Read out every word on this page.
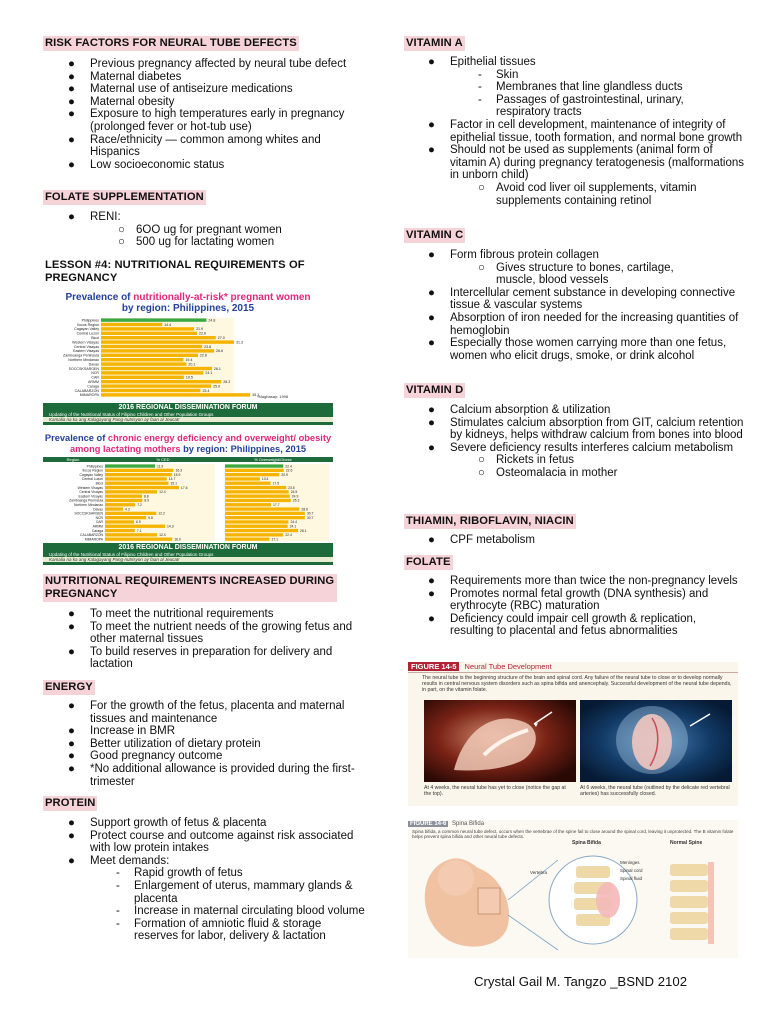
RISK FACTORS FOR NEURAL TUBE DEFECTS
● Previous pregnancy affected by neural tube defect
● Maternal diabetes
● Maternal use of antiseizure medications
● Maternal obesity
● Exposure to high temperatures early in pregnancy (prolonged fever or hot-tub use)
● Race/ethnicity — common among whites and Hispanics
● Low socioeconomic status
FOLATE SUPPLEMENTATION
● RENI:
○ 6OO ug for pregnant women
○ 500 ug for lactating women
LESSON #4: NUTRITIONAL REQUIREMENTS OF PREGNANCY
Prevalence of nutritionally-at-risk* pregnant women
by region: Philippines, 2015
Philippines	24.8
Ilocos Region	14.4
Cagayan Valley	21.9
Central Luzon	22.6
Bicol	27.0
Western Visayas	31.3
Central Visayas	23.8
Eastern Visayas	26.6
Zamboanga Peninsula	22.8
Northern Mindanao	19.4
Davao	20.1
SOCCSKSARGEN	26.1
NCR	24.1
CAR	19.5
ARMM	28.3
Caraga	25.9
CALABARZON	23.4
MIMAROPA	35.1
*Magbasay: 1998
2016 REGIONAL DISSEMINATION FORUM
Updating of the Nutritional Status of Filipino Children and Other Population Groups
Kamalia na ka ang Kalagayang Pang-nutrisyon ay faan al Jeucat!
Prevalence of chronic energy deficiency and overweight/ obesity among lactating mothers by region: Philippines, 2015
Region	% CED	% Overweight/Obese
Philippines	11.9	22.4
Ilocos Region	16.3	22.6
Cagayan Valley	15.9	20.9
Central Luzon	14.7	13.4
Bicol	15.1	17.5
Western Visayas	17.6	23.5
Central Visayas	12.4	24.5
Eastern Visayas	8.8	24.9
Zamboanga Peninsula	8.9	25.3
Northern Mindanao	7.2	17.7
Davao	4.3	28.6
SOCCSKSARGEN	12.2	30.7
NCR	9.8	30.7
CAR	6.9	24.4
ARMM	14.3	24.1
Caraga	7.1	28.1
CALABARZON	12.4	22.4
MIMAROPA	16.0	17.1
2016 REGIONAL DISSEMINATION FORUM
Updating of the Nutritional Status of Filipino Children and Other Population Groups
Kamalia na ka ang Kalagayang Pang-nutrisyon ay faan al Jeucat!
NUTRITIONAL REQUIREMENTS INCREASED DURING PREGNANCY
● To meet the nutritional requirements
● To meet the nutrient needs of the growing fetus and other maternal tissues
● To build reserves in preparation for delivery and lactation
ENERGY
● For the growth of the fetus, placenta and maternal tissues and maintenance
● Increase in BMR
● Better utilization of dietary protein
● Good pregnancy outcome
● *No additional allowance is provided during the first-trimester
PROTEIN
● Support growth of fetus & placenta
● Protect course and outcome against risk associated with low protein intakes
● Meet demands:
- Rapid growth of fetus
- Enlargement of uterus, mammary glands & placenta
- Increase in maternal circulating blood volume
- Formation of amniotic fluid & storage reserves for labor, delivery & lactation
VITAMIN A
● Epithelial tissues
- Skin
- Membranes that line glandless ducts
- Passages of gastrointestinal, urinary, respiratory tracts
● Factor in cell development, maintenance of integrity of epithelial tissue, tooth formation, and normal bone growth
● Should not be used as supplements (animal form of vitamin A) during pregnancy teratogenesis (malformations in unborn child)
○ Avoid cod liver oil supplements, vitamin supplements containing retinol
VITAMIN C
● Form fibrous protein collagen
○ Gives structure to bones, cartilage, muscle, blood vessels
● Intercellular cement substance in developing connective tissue & vascular systems
● Absorption of iron needed for the increasing quantities of hemoglobin
● Especially those women carrying more than one fetus, women who elicit drugs, smoke, or drink alcohol
VITAMIN D
● Calcium absorption & utilization
● Stimulates calcium absorption from GIT, calcium retention by kidneys, helps withdraw calcium from bones into blood
● Severe deficiency results interferes calcium metabolism
○ Rickets in fetus
○ Osteomalacia in mother
THIAMIN, RIBOFLAVIN, NIACIN
● CPF metabolism
FOLATE
● Requirements more than twice the non-pregnancy levels
● Promotes normal fetal growth (DNA synthesis) and erythrocyte (RBC) maturation
● Deficiency could impair cell growth & replication, resulting to placental and fetus abnormalities
FIGURE 14-5 Neural Tube Development
The neural tube is the beginning structure of the brain and spinal cord. Any failure of the neural tube to close or to develop normally results in central nervous system disorders such as spina bifida and anencephaly. Successful development of the neural tube depends, in part, on the vitamin folate.
At 4 weeks, the neural tube has yet to close (notice the gap at the top).
At 6 weeks, the neural tube (outlined by the delicate red vertebral arteries) has successfully closed.
FIGURE 14-6 Spina Bifida
Spina bifida, a common neural tube defect, occurs when the vertebrae of the spine fail to close around the spinal cord, leaving it unprotected. The B vitamin folate helps prevent spina bifida and other neural tube defects.
Spina Bifida	Normal Spine
Vertebra
Meninges
Spinal cord
Spinal fluid
Crystal Gail M. Tangzo _BSND 2102
